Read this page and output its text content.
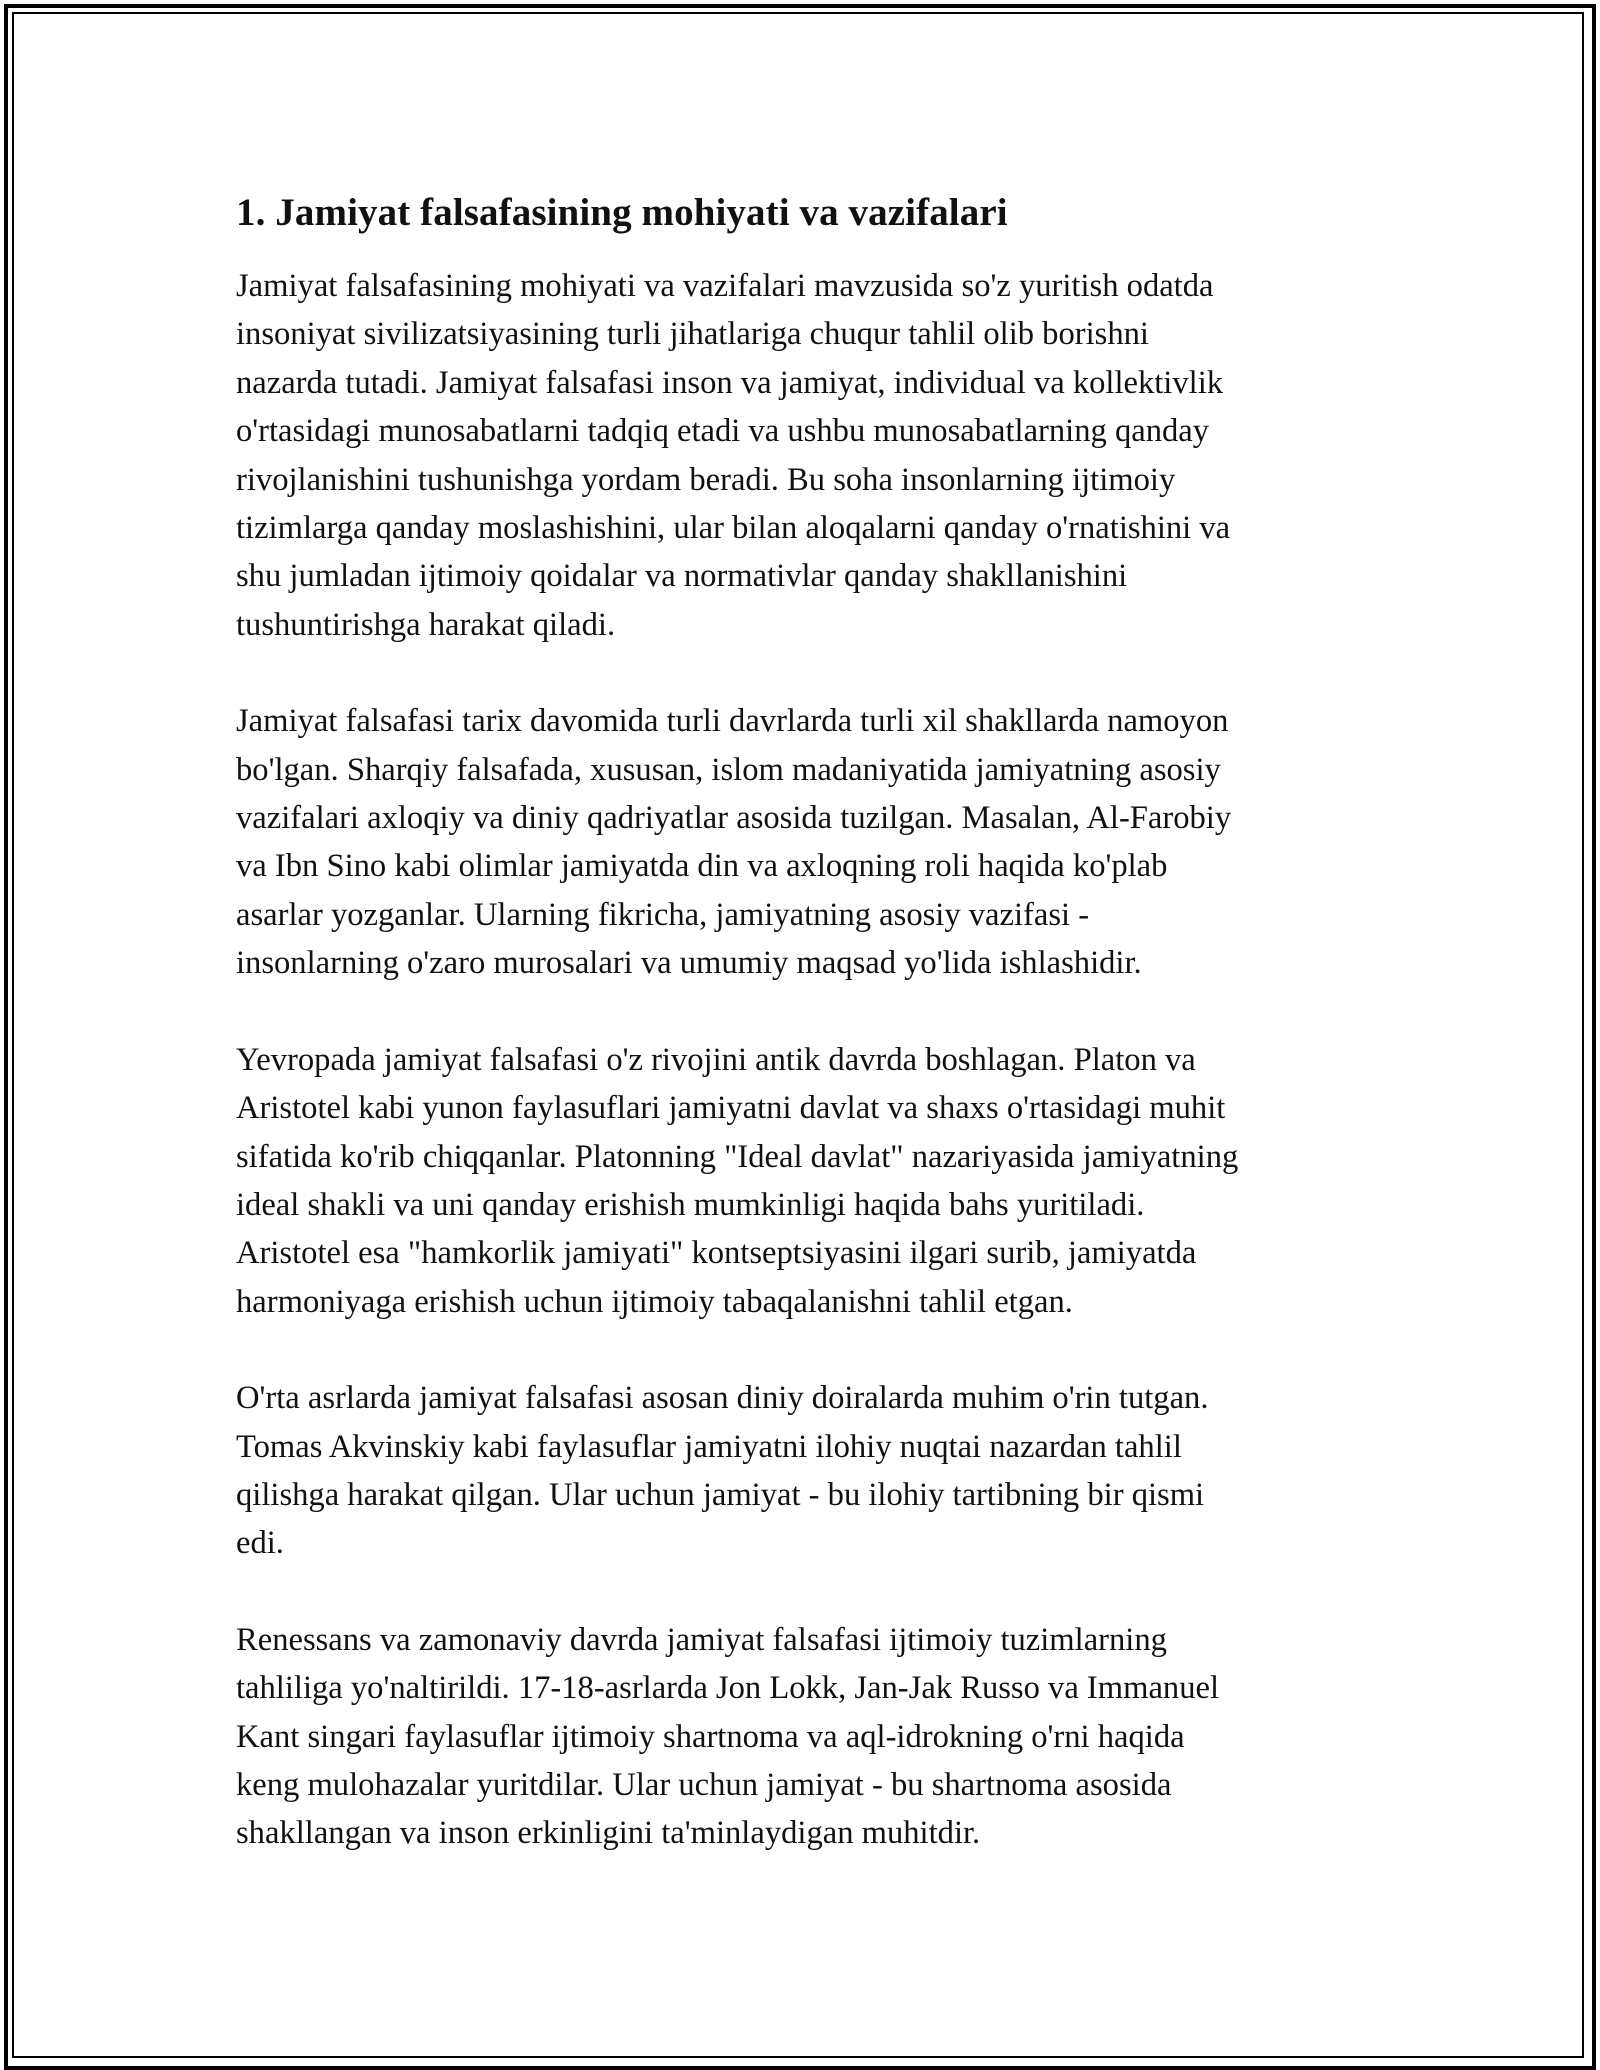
1. Jamiyat falsafasining mohiyati va vazifalari

Jamiyat falsafasining mohiyati va vazifalari mavzusida so'z yuritish odatda
insoniyat sivilizatsiyasining turli jihatlariga chuqur tahlil olib borishni
nazarda tutadi. Jamiyat falsafasi inson va jamiyat, individual va kollektivlik
o'rtasidagi munosabatlarni tadqiq etadi va ushbu munosabatlarning qanday
rivojlanishini tushunishga yordam beradi. Bu soha insonlarning ijtimoiy
tizimlarga qanday moslashishini, ular bilan aloqalarni qanday o'rnatishini va
shu jumladan ijtimoiy qoidalar va normativlar qanday shakllanishini
tushuntirishga harakat qiladi.

Jamiyat falsafasi tarix davomida turli davrlarda turli xil shakllarda namoyon
bo'lgan. Sharqiy falsafada, xususan, islom madaniyatida jamiyatning asosiy
vazifalari axloqiy va diniy qadriyatlar asosida tuzilgan. Masalan, Al-Farobiy
va Ibn Sino kabi olimlar jamiyatda din va axloqning roli haqida ko'plab
asarlar yozganlar. Ularning fikricha, jamiyatning asosiy vazifasi -
insonlarning o'zaro murosalari va umumiy maqsad yo'lida ishlashidir.

Yevropada jamiyat falsafasi o'z rivojini antik davrda boshlagan. Platon va
Aristotel kabi yunon faylasuflari jamiyatni davlat va shaxs o'rtasidagi muhit
sifatida ko'rib chiqqanlar. Platonning "Ideal davlat" nazariyasida jamiyatning
ideal shakli va uni qanday erishish mumkinligi haqida bahs yuritiladi.
Aristotel esa "hamkorlik jamiyati" kontseptsiyasini ilgari surib, jamiyatda
harmoniyaga erishish uchun ijtimoiy tabaqalanishni tahlil etgan.

O'rta asrlarda jamiyat falsafasi asosan diniy doiralarda muhim o'rin tutgan.
Tomas Akvinskiy kabi faylasuflar jamiyatni ilohiy nuqtai nazardan tahlil
qilishga harakat qilgan. Ular uchun jamiyat - bu ilohiy tartibning bir qismi
edi.

Renessans va zamonaviy davrda jamiyat falsafasi ijtimoiy tuzimlarning
tahliliga yo'naltirildi. 17-18-asrlarda Jon Lokk, Jan-Jak Russo va Immanuel
Kant singari faylasuflar ijtimoiy shartnoma va aql-idrokning o'rni haqida
keng mulohazalar yuritdilar. Ular uchun jamiyat - bu shartnoma asosida
shakllangan va inson erkinligini ta'minlaydigan muhitdir.
